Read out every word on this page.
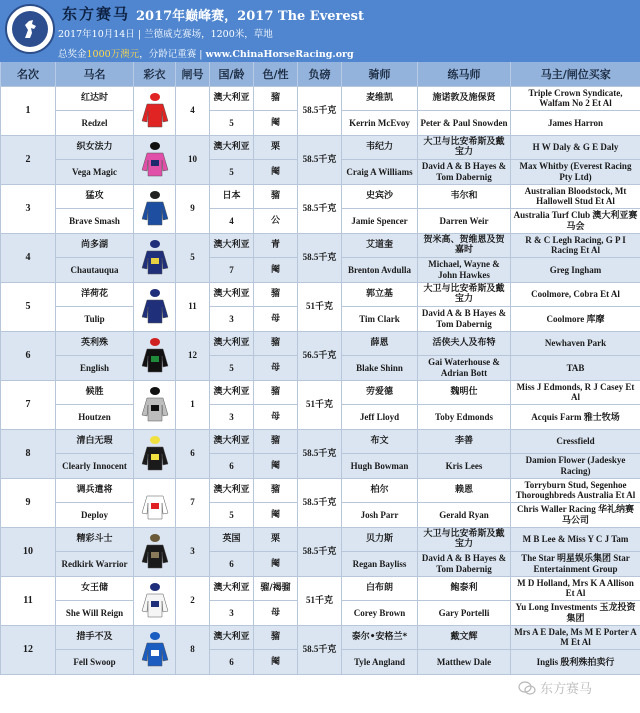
东方赛马 2017年巅峰赛，2017 The Everest
2017年10月14日 | 兰德威克赛场，1200米，草地
总奖金1000万澳元，分龄记重赛 | www.ChinaHorseRacing.org
名次	马名	彩衣	闸号	国/龄	色/性	负磅	骑师	练马师	马主/闸位买家
1	红达时		4	澳大利亚	骝	58.5千克	麦维凯	施诺敦及施保贤	Triple Crown Syndicate, Walfam No 2 Et Al
	Redzel			5	阉		Kerrin McEvoy	Peter & Paul Snowden	James Harron
2	织女法力		10	澳大利亚	栗	58.5千克	韦纪力	大卫与比安希斯及戴宝力	H W Daly & G E Daly
	Vega Magic			5	阉		Craig A Williams	David A & B Hayes & Tom Dabernig	Max Whitby (Everest Racing Pty Ltd)
3	猛攻		9	日本	骝	58.5千克	史宾沙	韦尔和	Australian Bloodstock, Mt Hallowell Stud Et Al
	Brave Smash			4	公		Jamie Spencer	Darren Weir	Australia Turf Club 澳大利亚赛马会
4	尚多湖		5	澳大利亚	青	58.5千克	艾道奎	贺米高、贺维恩及贺嘉时	R & C Legh Racing, G P I Racing Et Al
	Chautauqua			7	阉		Brenton Avdulla	Michael, Wayne & John Hawkes	Greg Ingham
5	洋荷花		11	澳大利亚	骝	51千克	郭立基	大卫与比安希斯及戴宝力	Coolmore, Cobra Et Al
	Tulip			3	母		Tim Clark	David A & B Hayes & Tom Dabernig	Coolmore 库摩
6	英利殊		12	澳大利亚	骝	56.5千克	薛恩	活侠夫人及布特	Newhaven Park
	English			5	母		Blake Shinn	Gai Waterhouse & Adrian Bott	TAB
7	候胜		1	澳大利亚	骝	51千克	劳爱德	魏明仕	Miss J Edmonds, R J Casey Et Al
	Houtzen			3	母		Jeff Lloyd	Toby Edmonds	Acquis Farm 雅士牧场
8	清白无瑕		6	澳大利亚	骝	58.5千克	布文	李善	Cressfield
	Clearly Innocent			6	阉		Hugh Bowman	Kris Lees	Damion Flower (Jadeskye Racing)
9	调兵遣将		7	澳大利亚	骝	58.5千克	柏尔	赖恩	Torryburn Stud, Segenhoe Thoroughbreds Australia Et Al
	Deploy			5	阉		Josh Parr	Gerald Ryan	Chris Waller Racing 华礼纳赛马公司
10	精彩斗士		3	英国	栗	58.5千克	贝力斯	大卫与比安希斯及戴宝力	M B Lee & Miss Y C J Tam
	Redkirk Warrior			6	阉		Regan Bayliss	David A & B Hayes & Tom Dabernig	The Star 明星娱乐集团 Star Entertainment Group
11	女王储		2	澳大利亚	骝/褐骝	51千克	白布朗	鲍泰利	M D Holland, Mrs K A Allison Et Al
	She Will Reign			3	母		Corey Brown	Gary Portelli	Yu Long Investments 玉龙投资集团
12	措手不及		8	澳大利亚	骝	58.5千克	泰尔•安格兰*	戴文辉	Mrs A E Dale, Ms M E Porter A M Et Al
	Fell Swoop			6	阉		Tyle Angland	Matthew Dale	Inglis 殷利殊拍卖行
东方赛马
